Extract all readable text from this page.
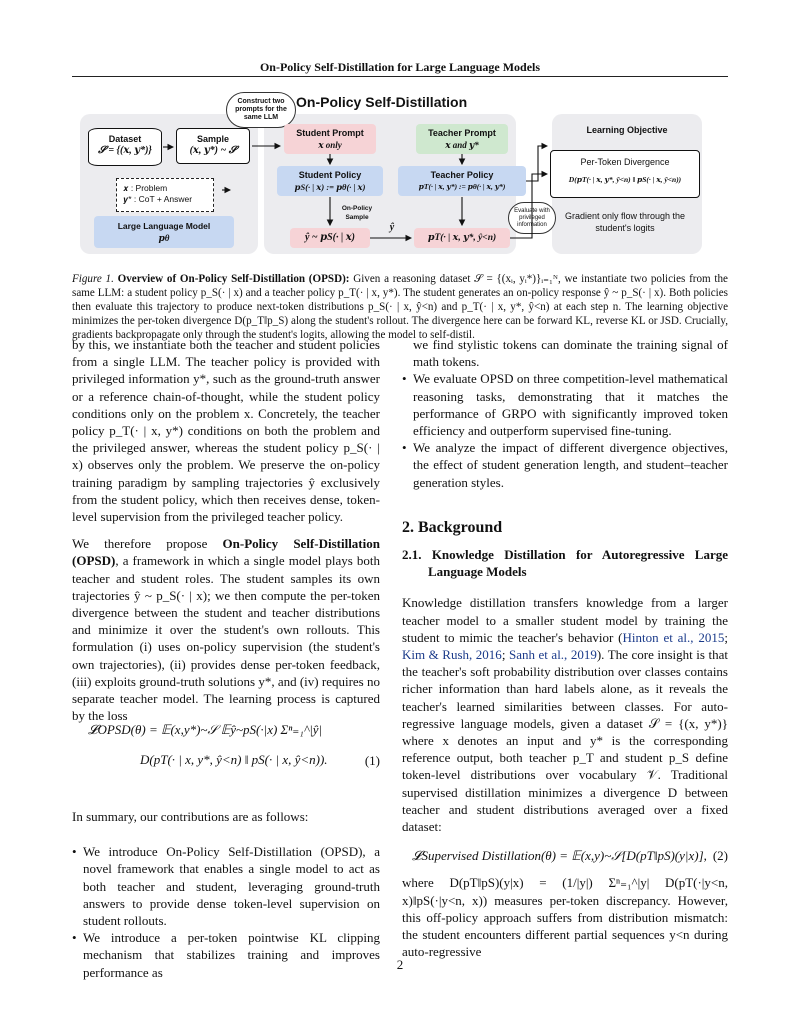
On-Policy Self-Distillation for Large Language Models
On-Policy Self-Distillation
Construct two prompts for the same LLM
Dataset
𝓢 = {(𝒙, 𝒚*)}
Sample
(𝒙, 𝒚*) ~ 𝓢
𝒙 : Problem
𝒚* : CoT + Answer
Large Language Model
𝒑θ
Student Prompt
𝒙 only
Student Policy
𝒑S(· | 𝒙) := 𝒑θ(· | 𝒙)
On-Policy Sample
ŷ ~ 𝒑S(· | 𝒙)
Teacher Prompt
𝒙 and 𝒚*
Teacher Policy
𝒑T(· | 𝒙, 𝒚*) := 𝒑θ(· | 𝒙, 𝒚*)
𝒑T(· | 𝒙, 𝒚*, ŷ<n)
ŷ
Evaluate with privileged information
Learning Objective
Per-Token Divergence
D(𝒑T(· | 𝒙, 𝒚*, ŷ<n) ‖ 𝒑S(· | 𝒙, ŷ<n))
Gradient only flow through the student's logits
Figure 1. Overview of On-Policy Self-Distillation (OPSD): Given a reasoning dataset 𝒮 = {(xᵢ, yᵢ*)}ᵢ₌₁ᴺ, we instantiate two policies from the same LLM: a student policy p_S(· | x) and a teacher policy p_T(· | x, y*). The student generates an on-policy response ŷ ~ p_S(· | x). Both policies then evaluate this trajectory to produce next-token distributions p_S(· | x, ŷ<n) and p_T(· | x, y*, ŷ<n) at each step n. The learning objective minimizes the per-token divergence D(p_T‖p_S) along the student's rollout. The divergence here can be forward KL, reverse KL or JSD. Crucially, gradients backpropagate only through the student's logits, allowing the model to self-distil.

by this, we instantiate both the teacher and student policies from a single LLM. The teacher policy is provided with privileged information y*, such as the ground-truth answer or a reference chain-of-thought, while the student policy conditions only on the problem x. Concretely, the teacher policy p_T(· | x, y*) conditions on both the problem and the privileged answer, whereas the student policy p_S(· | x) observes only the problem. We preserve the on-policy training paradigm by sampling trajectories ŷ exclusively from the student policy, which then receives dense, token-level supervision from the privileged teacher policy.

We therefore propose On-Policy Self-Distillation (OPSD), a framework in which a single model plays both teacher and student roles. The student samples its own trajectories ŷ ~ p_S(· | x); we then compute the per-token divergence between the student and teacher distributions and minimize it over the student's own rollouts. This formulation (i) uses on-policy supervision (the student's own trajectories), (ii) provides dense per-token feedback, (iii) exploits ground-truth solutions y*, and (iv) requires no separate teacher model. The learning process is captured by the loss

𝓛OPSD(θ) = 𝔼(x,y*)~𝒮 𝔼ŷ~pS(·|x) Σⁿ₌₁^|ŷ|
D(pT(· | x, y*, ŷ<n) ‖ pS(· | x, ŷ<n)).	(1)

In summary, our contributions are as follows:

• We introduce On-Policy Self-Distillation (OPSD), a novel framework that enables a single model to act as both teacher and student, leveraging ground-truth answers to provide dense token-level supervision on student rollouts.
• We introduce a per-token pointwise KL clipping mechanism that stabilizes training and improves performance as

we find stylistic tokens can dominate the training signal of math tokens.

• We evaluate OPSD on three competition-level mathematical reasoning tasks, demonstrating that it matches the performance of GRPO with significantly improved token efficiency and outperform supervised fine-tuning.
• We analyze the impact of different divergence objectives, the effect of student generation length, and student–teacher generation styles.
2. Background
2.1. Knowledge Distillation for Autoregressive Large Language Models

Knowledge distillation transfers knowledge from a larger teacher model to a smaller student model by training the student to mimic the teacher's behavior (Hinton et al., 2015; Kim & Rush, 2016; Sanh et al., 2019). The core insight is that the teacher's soft probability distribution over classes contains richer information than hard labels alone, as it reveals the teacher's learned similarities between classes. For auto-regressive language models, given a dataset 𝒮 = {(x, y*)} where x denotes an input and y* is the corresponding reference output, both teacher p_T and student p_S define token-level distributions over vocabulary 𝒱. Traditional supervised distillation minimizes a divergence D between teacher and student distributions averaged over a fixed dataset:

𝓛Supervised Distillation(θ) = 𝔼(x,y)~𝒮[D(pT‖pS)(y|x)], (2)

where D(pT‖pS)(y|x) = (1/|y|) Σⁿ₌₁^|y| D(pT(·|y<n, x)‖pS(·|y<n, x)) measures per-token discrepancy. However, this off-policy approach suffers from distribution mismatch: the student encounters different partial sequences y<n during auto-regressive

2
